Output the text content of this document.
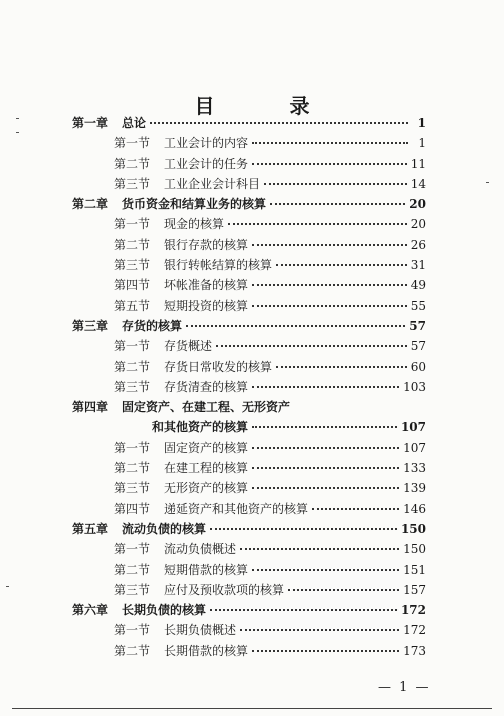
目 录
第一章	总论	1
第一节	工业会计的内容	1
第二节	工业会计的任务	11
第三节	工业企业会计科目	14
第二章	货币资金和结算业务的核算	20
第一节	现金的核算	20
第二节	银行存款的核算	26
第三节	银行转帐结算的核算	31
第四节	坏帐准备的核算	49
第五节	短期投资的核算	55
第三章	存货的核算	57
第一节	存货概述	57
第二节	存货日常收发的核算	60
第三节	存货清查的核算	103
第四章	固定资产、在建工程、无形资产
和其他资产的核算	107
第一节	固定资产的核算	107
第二节	在建工程的核算	133
第三节	无形资产的核算	139
第四节	递延资产和其他资产的核算	146
第五章	流动负债的核算	150
第一节	流动负债概述	150
第二节	短期借款的核算	151
第三节	应付及预收款项的核算	157
第六章	长期负债的核算	172
第一节	长期负债概述	172
第二节	长期借款的核算	173
— 1 —
